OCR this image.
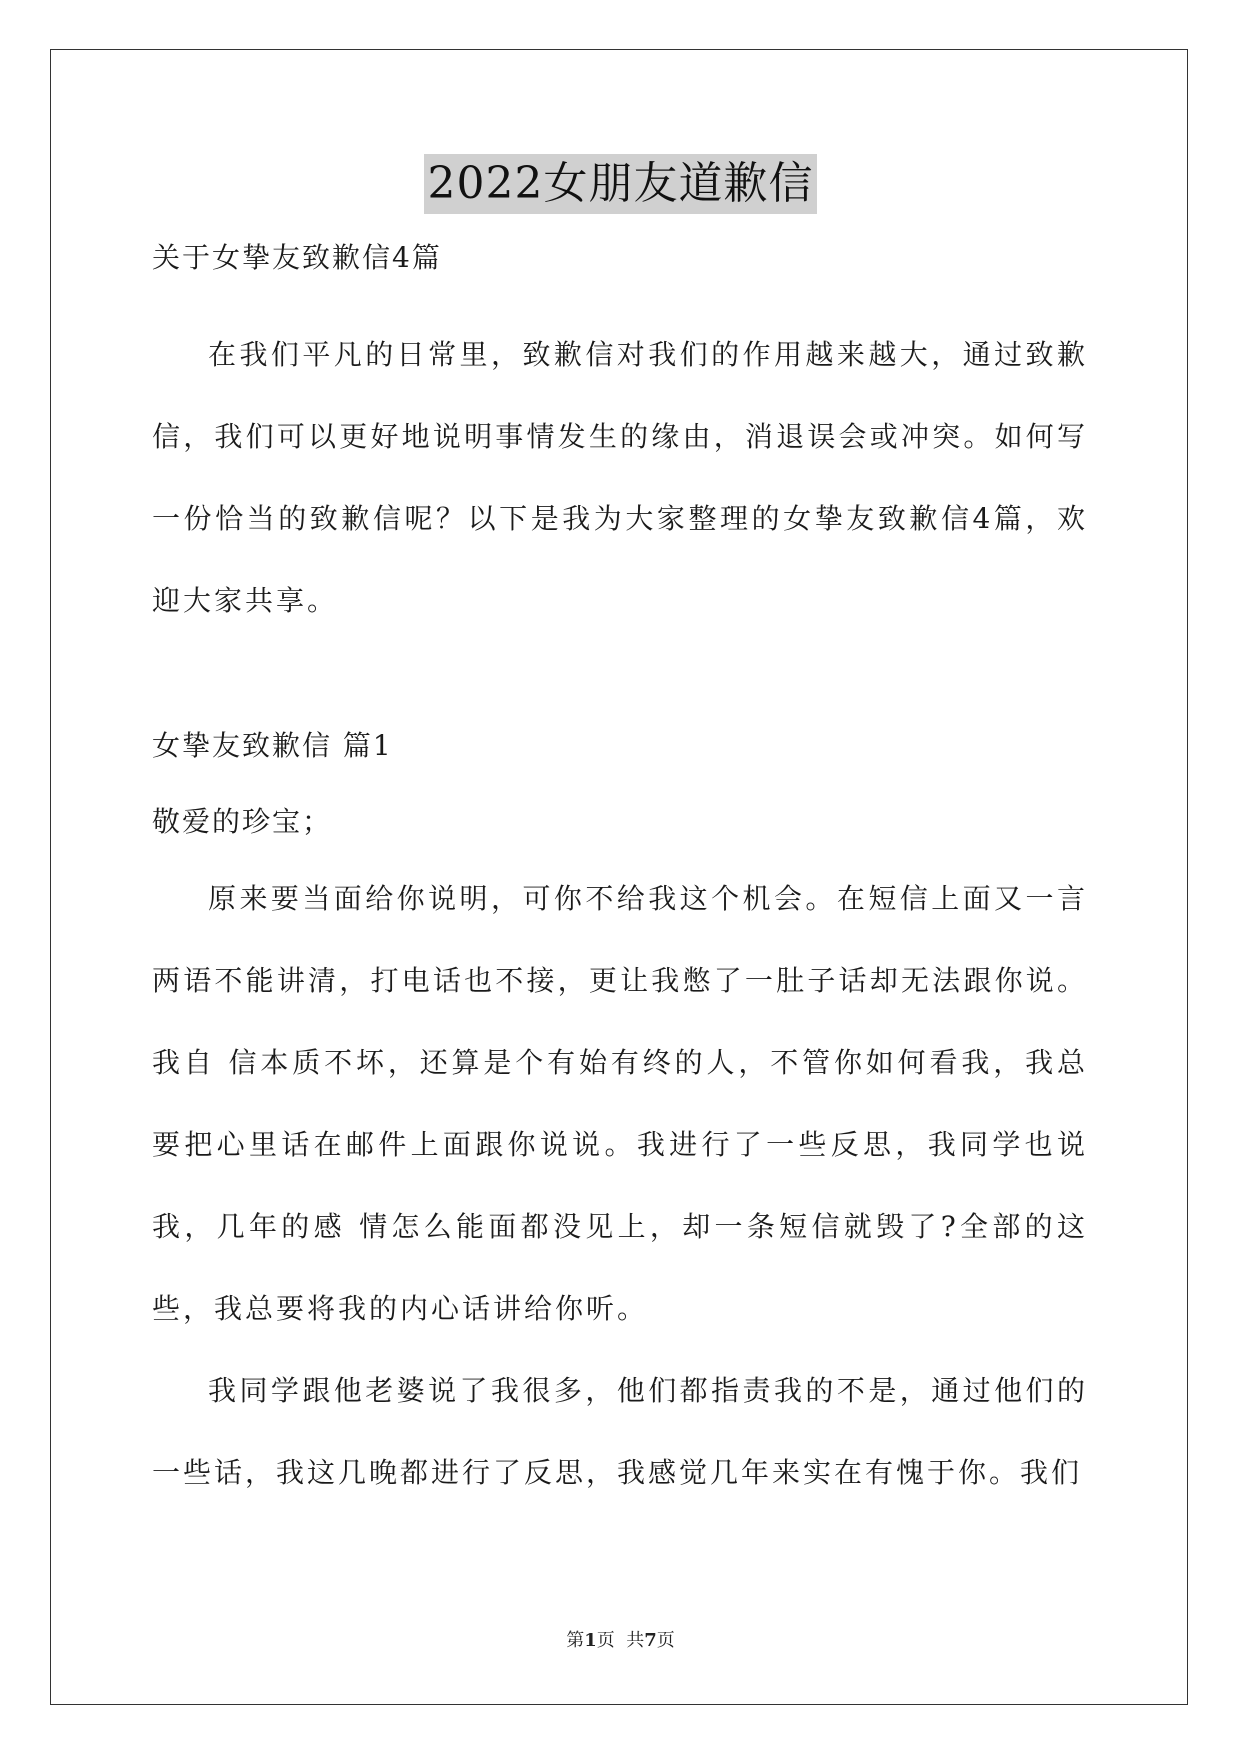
2022女朋友道歉信
关于女挚友致歉信4篇
在我们平凡的日常里，致歉信对我们的作用越来越大，通过致歉信，我们可以更好地说明事情发生的缘由，消退误会或冲突。如何写一份恰当的致歉信呢？以下是我为大家整理的女挚友致歉信4篇，欢迎大家共享。
女挚友致歉信 篇1
敬爱的珍宝；
原来要当面给你说明，可你不给我这个机会。在短信上面又一言两语不能讲清，打电话也不接，更让我憋了一肚子话却无法跟你说。我自 信本质不坏，还算是个有始有终的人，不管你如何看我，我总要把心里话在邮件上面跟你说说。我进行了一些反思，我同学也说我，几年的感 情怎么能面都没见上，却一条短信就毁了?全部的这些，我总要将我的内心话讲给你听。
我同学跟他老婆说了我很多，他们都指责我的不是，通过他们的一些话，我这几晚都进行了反思，我感觉几年来实在有愧于你。我们
第1页  共7页
